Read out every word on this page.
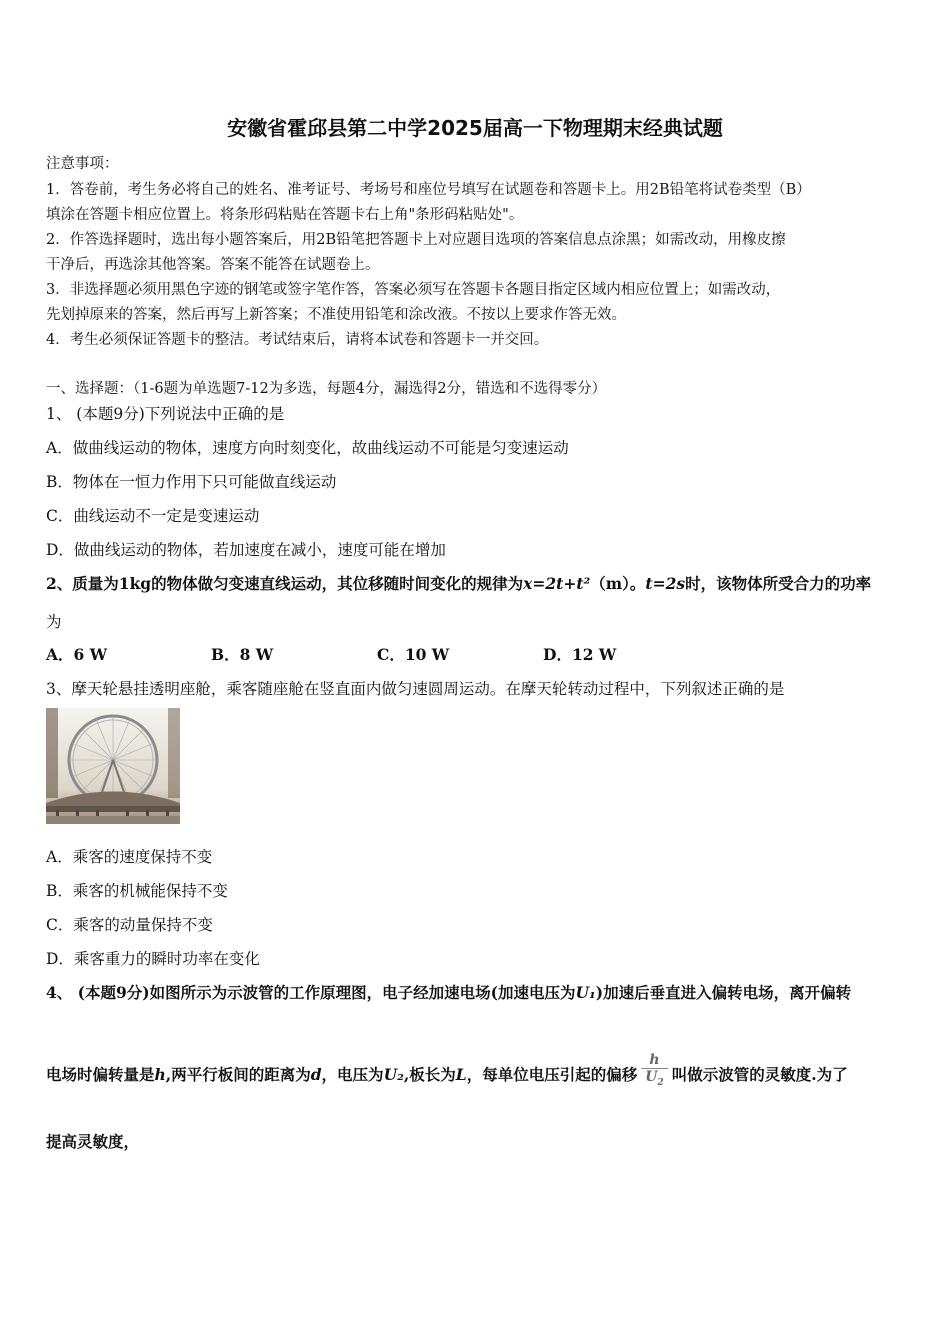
安徽省霍邱县第二中学2025届高一下物理期末经典试题
注意事项：
1．答卷前，考生务必将自己的姓名、准考证号、考场号和座位号填写在试题卷和答题卡上。用2B铅笔将试卷类型（B）
填涂在答题卡相应位置上。将条形码粘贴在答题卡右上角"条形码粘贴处"。
2．作答选择题时，选出每小题答案后，用2B铅笔把答题卡上对应题目选项的答案信息点涂黑；如需改动，用橡皮擦
干净后，再选涂其他答案。答案不能答在试题卷上。
3．非选择题必须用黑色字迹的钢笔或签字笔作答，答案必须写在答题卡各题目指定区域内相应位置上；如需改动，
先划掉原来的答案，然后再写上新答案；不准使用铅笔和涂改液。不按以上要求作答无效。
4．考生必须保证答题卡的整洁。考试结束后，请将本试卷和答题卡一并交回。
一、选择题：（1-6题为单选题7-12为多选，每题4分，漏选得2分，错选和不选得零分）
1、 (本题9分)下列说法中正确的是
A．做曲线运动的物体，速度方向时刻变化，故曲线运动不可能是匀变速运动
B．物体在一恒力作用下只可能做直线运动
C．曲线运动不一定是变速运动
D．做曲线运动的物体，若加速度在减小，速度可能在增加
2、质量为1kg的物体做匀变速直线运动，其位移随时间变化的规律为x=2t+t²（m）。t=2s时，该物体所受合力的功率
为
A．6 W	B．8 W	C．10 W	D．12 W
3、摩天轮悬挂透明座舱，乘客随座舱在竖直面内做匀速圆周运动。在摩天轮转动过程中，下列叙述正确的是
A．乘客的速度保持不变
B．乘客的机械能保持不变
C．乘客的动量保持不变
D．乘客重力的瞬时功率在变化
4、 (本题9分)如图所示为示波管的工作原理图，电子经加速电场(加速电压为U₁)加速后垂直进入偏转电场，离开偏转
电场时偏转量是h,两平行板间的距离为d，电压为U₂,板长为L，每单位电压引起的偏移 $\frac{h}{U_2}$ 叫做示波管的灵敏度.为了
提高灵敏度，
